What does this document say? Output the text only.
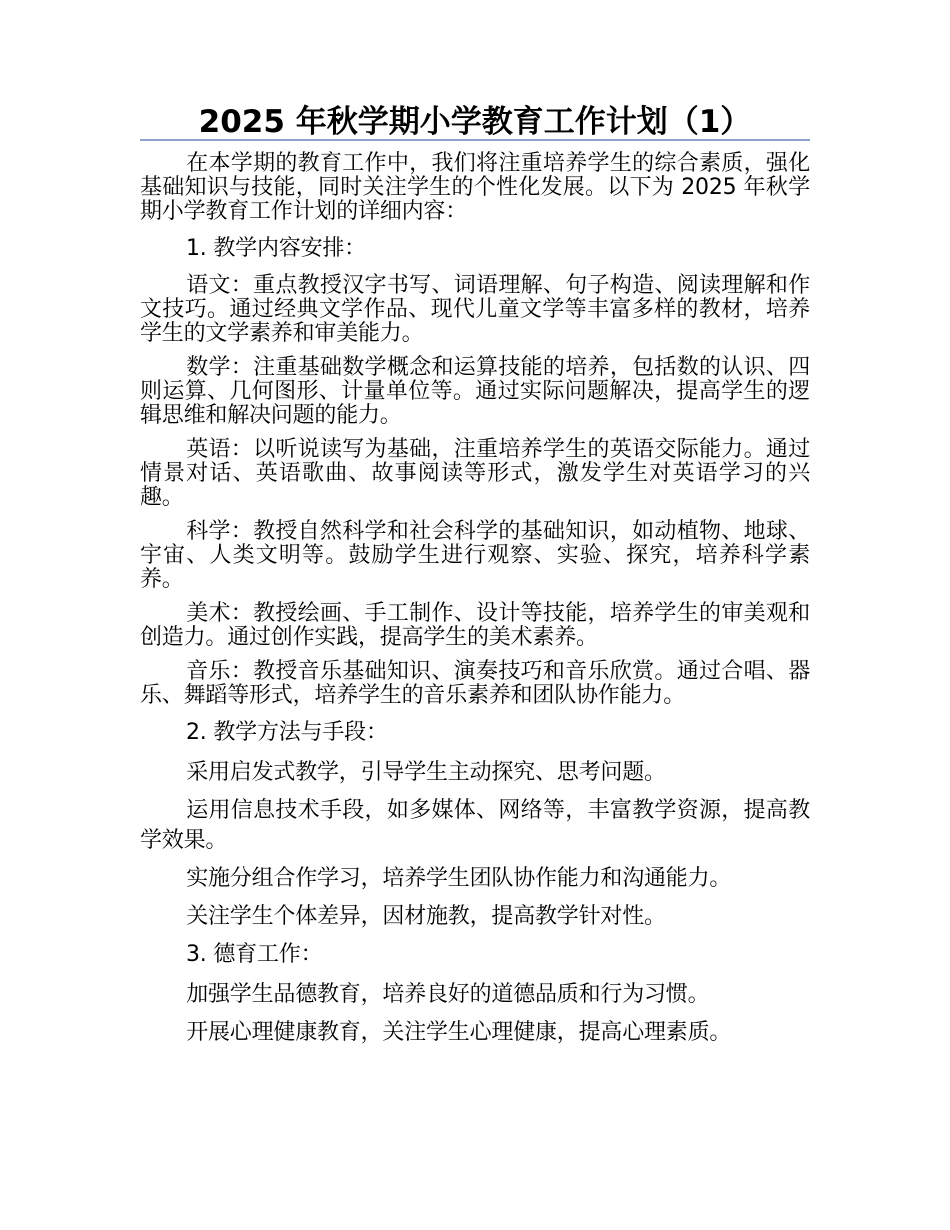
2025 年秋学期小学教育工作计划（1）

在本学期的教育工作中，我们将注重培养学生的综合素质，强化基础知识与技能，同时关注学生的个性化发展。以下为 2025 年秋学期小学教育工作计划的详细内容：

1. 教学内容安排：

语文：重点教授汉字书写、词语理解、句子构造、阅读理解和作文技巧。通过经典文学作品、现代儿童文学等丰富多样的教材，培养学生的文学素养和审美能力。

数学：注重基础数学概念和运算技能的培养，包括数的认识、四则运算、几何图形、计量单位等。通过实际问题解决，提高学生的逻辑思维和解决问题的能力。

英语：以听说读写为基础，注重培养学生的英语交际能力。通过情景对话、英语歌曲、故事阅读等形式，激发学生对英语学习的兴趣。

科学：教授自然科学和社会科学的基础知识，如动植物、地球、宇宙、人类文明等。鼓励学生进行观察、实验、探究，培养科学素养。

美术：教授绘画、手工制作、设计等技能，培养学生的审美观和创造力。通过创作实践，提高学生的美术素养。

音乐：教授音乐基础知识、演奏技巧和音乐欣赏。通过合唱、器乐、舞蹈等形式，培养学生的音乐素养和团队协作能力。

2. 教学方法与手段：

采用启发式教学，引导学生主动探究、思考问题。

运用信息技术手段，如多媒体、网络等，丰富教学资源，提高教学效果。

实施分组合作学习，培养学生团队协作能力和沟通能力。

关注学生个体差异，因材施教，提高教学针对性。

3. 德育工作：

加强学生品德教育，培养良好的道德品质和行为习惯。

开展心理健康教育，关注学生心理健康，提高心理素质。
